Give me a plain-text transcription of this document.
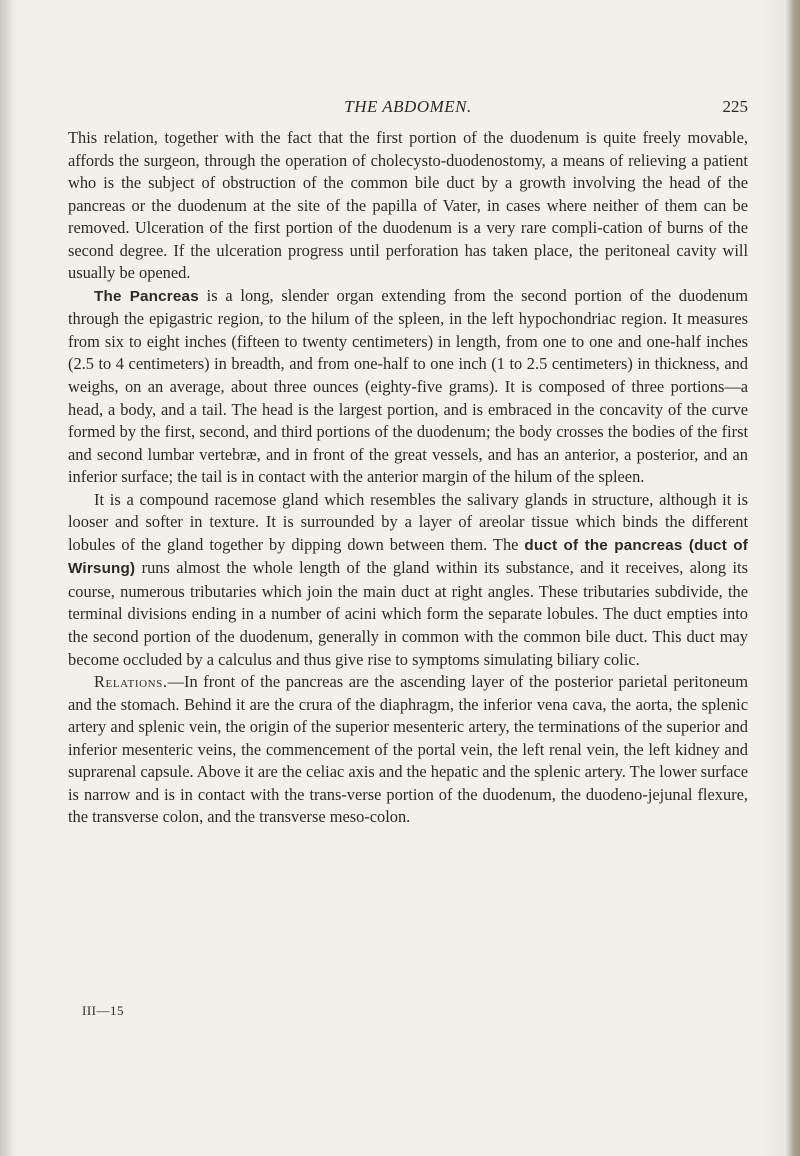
THE ABDOMEN.	225

This relation, together with the fact that the first portion of the duodenum is quite freely movable, affords the surgeon, through the operation of cholecysto-duodenostomy, a means of relieving a patient who is the subject of obstruction of the common bile duct by a growth involving the head of the pancreas or the duodenum at the site of the papilla of Vater, in cases where neither of them can be removed. Ulceration of the first portion of the duodenum is a very rare compli-cation of burns of the second degree. If the ulceration progress until perforation has taken place, the peritoneal cavity will usually be opened.

The Pancreas is a long, slender organ extending from the second portion of the duodenum through the epigastric region, to the hilum of the spleen, in the left hypochondriac region. It measures from six to eight inches (fifteen to twenty centimeters) in length, from one to one and one-half inches (2.5 to 4 centimeters) in breadth, and from one-half to one inch (1 to 2.5 centimeters) in thickness, and weighs, on an average, about three ounces (eighty-five grams). It is composed of three portions—a head, a body, and a tail. The head is the largest portion, and is embraced in the concavity of the curve formed by the first, second, and third portions of the duodenum; the body crosses the bodies of the first and second lumbar vertebræ, and in front of the great vessels, and has an anterior, a posterior, and an inferior surface; the tail is in contact with the anterior margin of the hilum of the spleen.

It is a compound racemose gland which resembles the salivary glands in structure, although it is looser and softer in texture. It is surrounded by a layer of areolar tissue which binds the different lobules of the gland together by dipping down between them. The duct of the pancreas (duct of Wirsung) runs almost the whole length of the gland within its substance, and it receives, along its course, numerous tributaries which join the main duct at right angles. These tributaries subdivide, the terminal divisions ending in a number of acini which form the separate lobules. The duct empties into the second portion of the duodenum, generally in common with the common bile duct. This duct may become occluded by a calculus and thus give rise to symptoms simulating biliary colic.

Relations.—In front of the pancreas are the ascending layer of the posterior parietal peritoneum and the stomach. Behind it are the crura of the diaphragm, the inferior vena cava, the aorta, the splenic artery and splenic vein, the origin of the superior mesenteric artery, the terminations of the superior and inferior mesenteric veins, the commencement of the portal vein, the left renal vein, the left kidney and suprarenal capsule. Above it are the celiac axis and the hepatic and the splenic artery. The lower surface is narrow and is in contact with the trans-verse portion of the duodenum, the duodeno-jejunal flexure, the transverse colon, and the transverse meso-colon.

III—15
